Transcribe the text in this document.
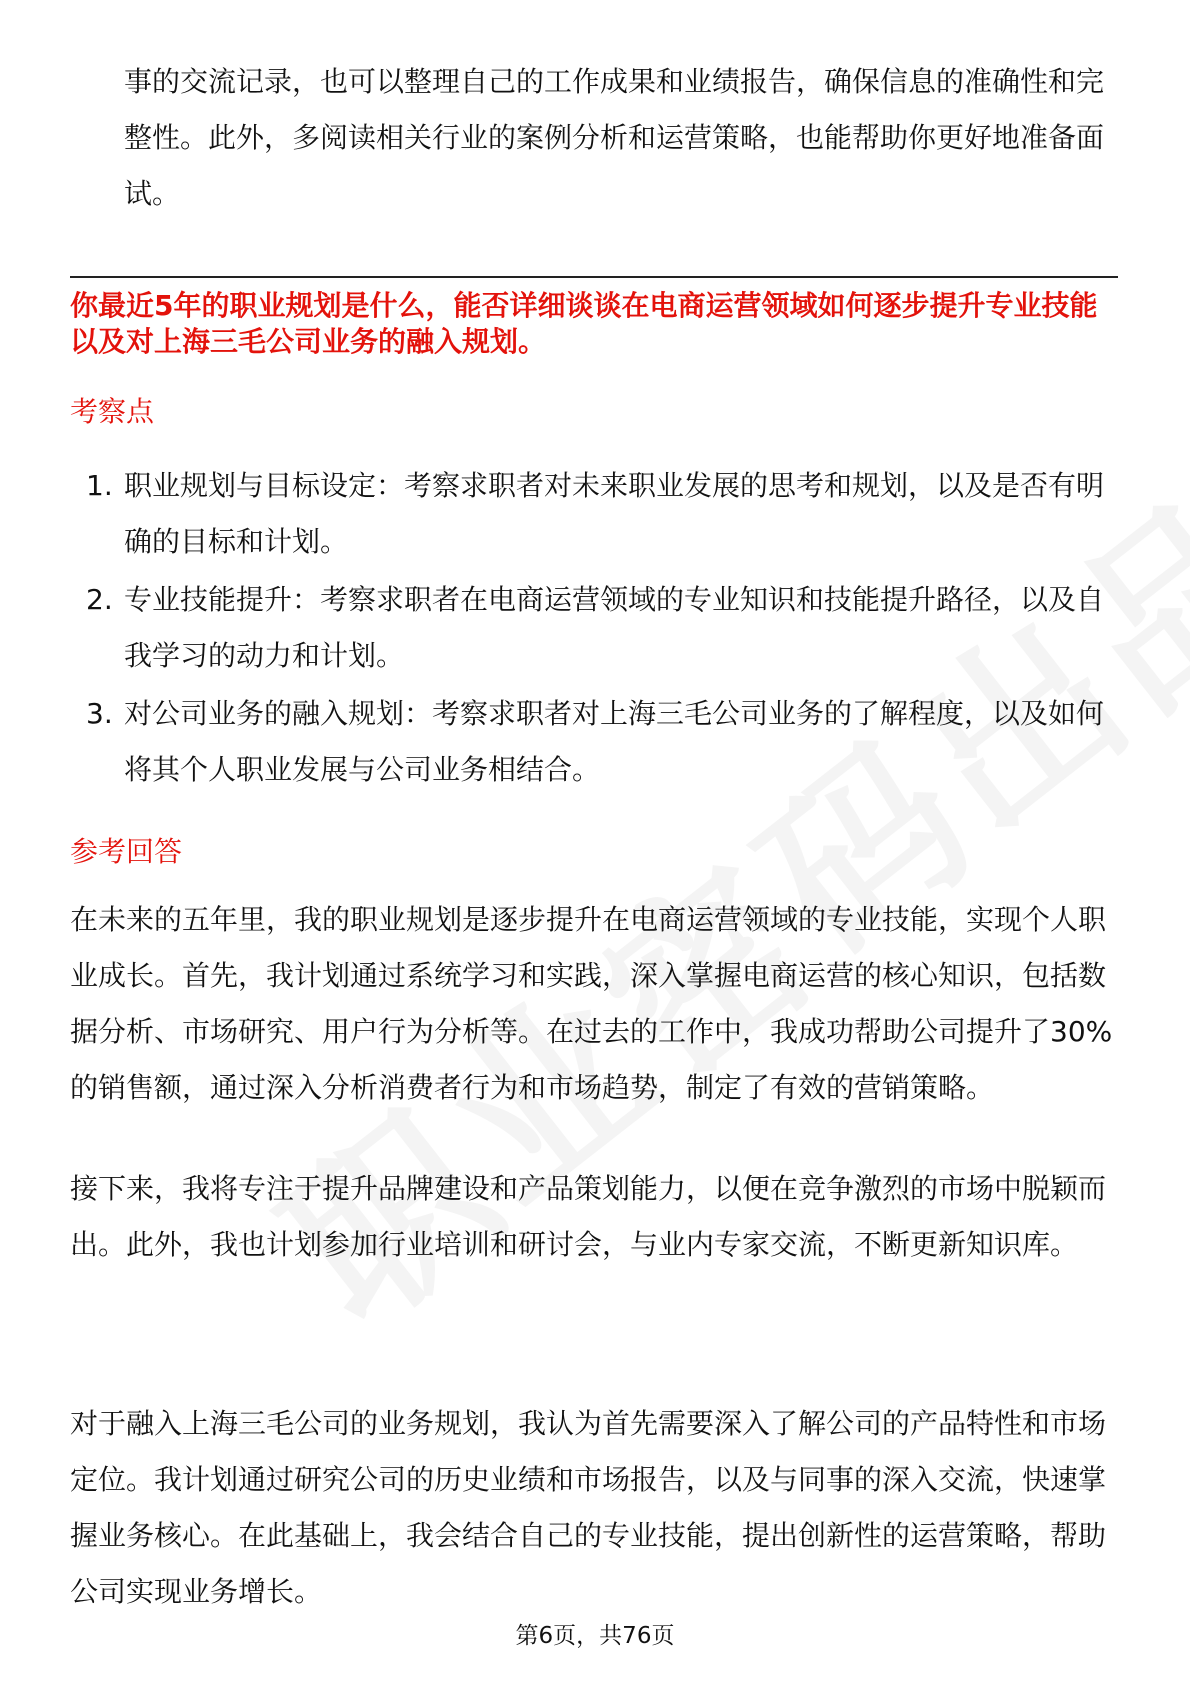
事的交流记录，也可以整理自己的工作成果和业绩报告，确保信息的准确性和完整性。此外，多阅读相关行业的案例分析和运营策略，也能帮助你更好地准备面试。
你最近5年的职业规划是什么，能否详细谈谈在电商运营领域如何逐步提升专业技能以及对上海三毛公司业务的融入规划。
考察点
1. 职业规划与目标设定：考察求职者对未来职业发展的思考和规划，以及是否有明确的目标和计划。
2. 专业技能提升：考察求职者在电商运营领域的专业知识和技能提升路径，以及自我学习的动力和计划。
3. 对公司业务的融入规划：考察求职者对上海三毛公司业务的了解程度，以及如何将其个人职业发展与公司业务相结合。
参考回答
在未来的五年里，我的职业规划是逐步提升在电商运营领域的专业技能，实现个人职业成长。首先，我计划通过系统学习和实践，深入掌握电商运营的核心知识，包括数据分析、市场研究、用户行为分析等。在过去的工作中，我成功帮助公司提升了30%的销售额，通过深入分析消费者行为和市场趋势，制定了有效的营销策略。
接下来，我将专注于提升品牌建设和产品策划能力，以便在竞争激烈的市场中脱颖而出。此外，我也计划参加行业培训和研讨会，与业内专家交流，不断更新知识库。
对于融入上海三毛公司的业务规划，我认为首先需要深入了解公司的产品特性和市场定位。我计划通过研究公司的历史业绩和市场报告，以及与同事的深入交流，快速掌握业务核心。在此基础上，我会结合自己的专业技能，提出创新性的运营策略，帮助公司实现业务增长。
第6页，共76页
